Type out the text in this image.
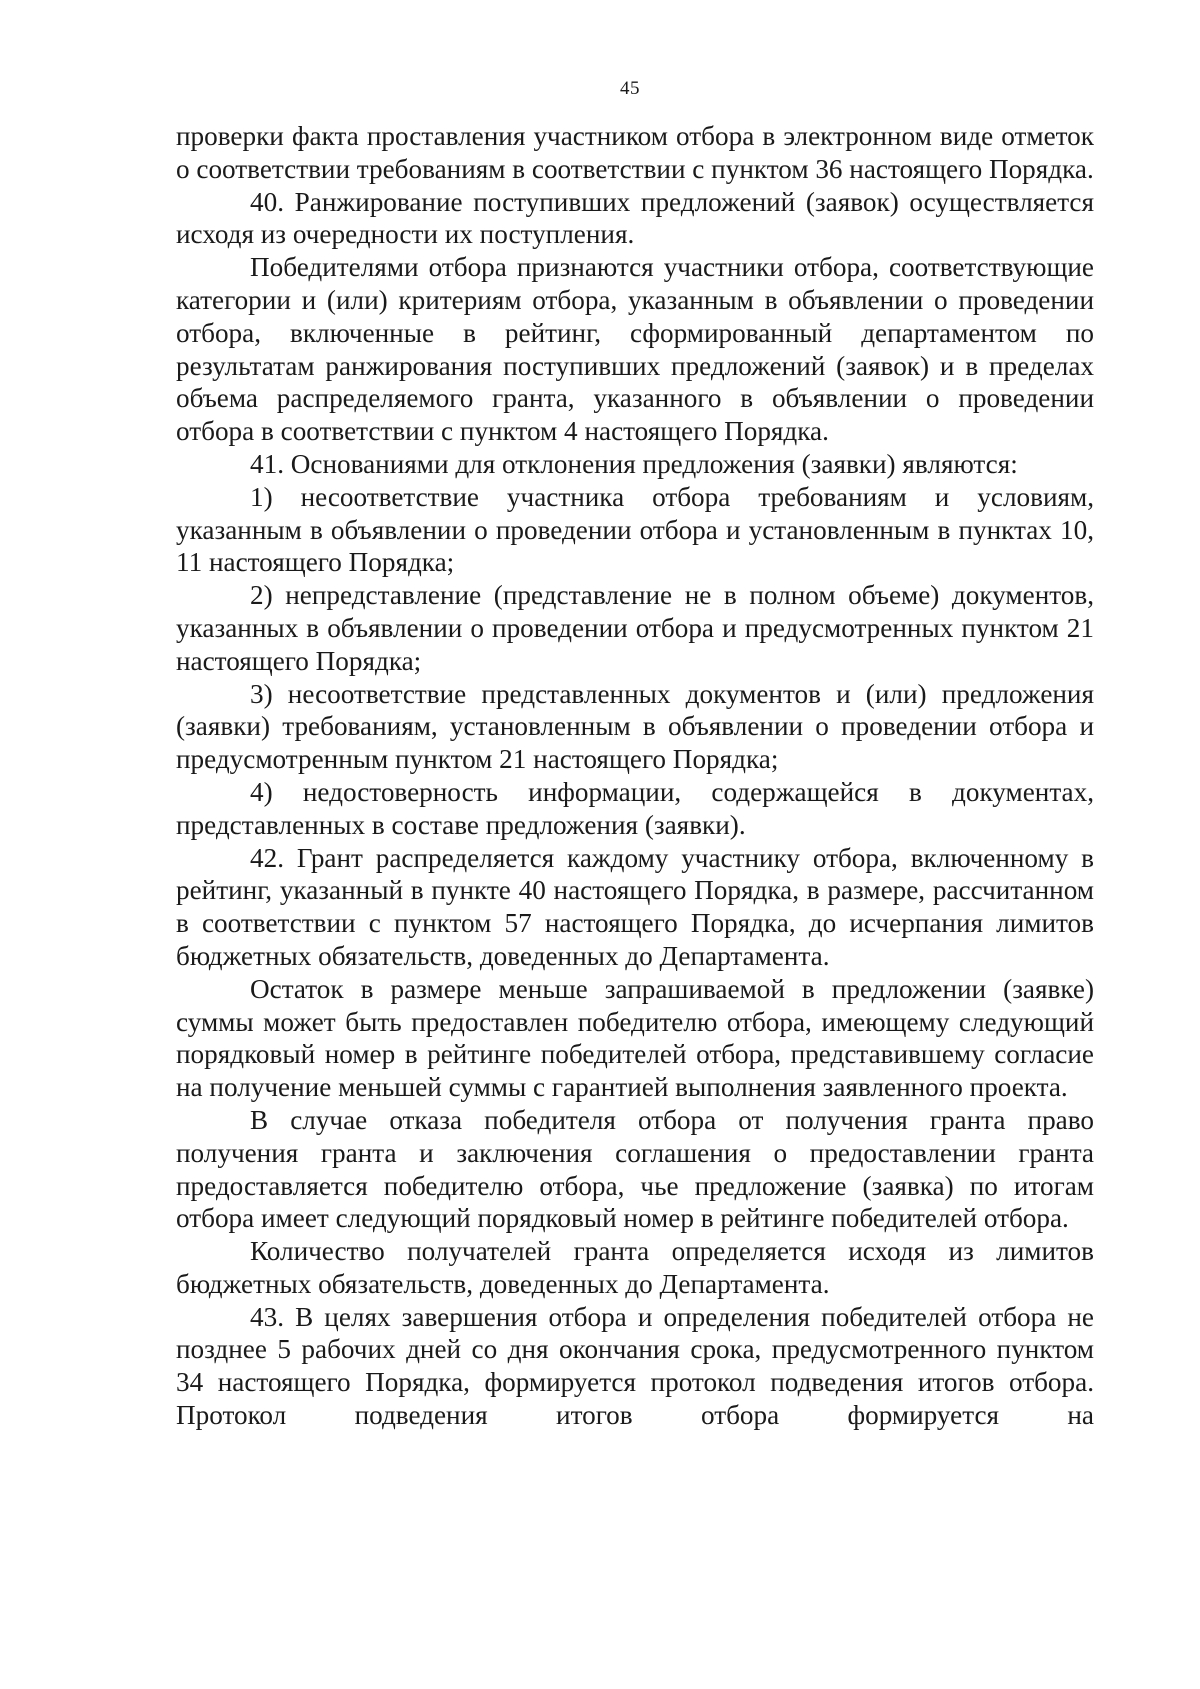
45

проверки факта проставления участником отбора в электронном виде отметок о соответствии требованиям в соответствии с пунктом 36 настоящего Порядка.

40. Ранжирование поступивших предложений (заявок) осуществляется исходя из очередности их поступления.

Победителями отбора признаются участники отбора, соответствующие категории и (или) критериям отбора, указанным в объявлении о проведении отбора, включенные в рейтинг, сформированный департаментом по результатам ранжирования поступивших предложений (заявок) и в пределах объема распределяемого гранта, указанного в объявлении о проведении отбора в соответствии с пунктом 4 настоящего Порядка.

41. Основаниями для отклонения предложения (заявки) являются:

1) несоответствие участника отбора требованиям и условиям, указанным в объявлении о проведении отбора и установленным в пунктах 10, 11 настоящего Порядка;

2) непредставление (представление не в полном объеме) документов, указанных в объявлении о проведении отбора и предусмотренных пунктом 21 настоящего Порядка;

3) несоответствие представленных документов и (или) предложения (заявки) требованиям, установленным в объявлении о проведении отбора и предусмотренным пунктом 21 настоящего Порядка;

4) недостоверность информации, содержащейся в документах, представленных в составе предложения (заявки).

42. Грант распределяется каждому участнику отбора, включенному в рейтинг, указанный в пункте 40 настоящего Порядка, в размере, рассчитанном в соответствии с пунктом 57 настоящего Порядка, до исчерпания лимитов бюджетных обязательств, доведенных до Департамента.

Остаток в размере меньше запрашиваемой в предложении (заявке) суммы может быть предоставлен победителю отбора, имеющему следующий порядковый номер в рейтинге победителей отбора, представившему согласие на получение меньшей суммы с гарантией выполнения заявленного проекта.

В случае отказа победителя отбора от получения гранта право получения гранта и заключения соглашения о предоставлении гранта предоставляется победителю отбора, чье предложение (заявка) по итогам отбора имеет следующий порядковый номер в рейтинге победителей отбора.

Количество получателей гранта определяется исходя из лимитов бюджетных обязательств, доведенных до Департамента.

43. В целях завершения отбора и определения победителей отбора не позднее 5 рабочих дней со дня окончания срока, предусмотренного пунктом 34 настоящего Порядка, формируется протокол подведения итогов отбора. Протокол подведения итогов отбора формируется на
